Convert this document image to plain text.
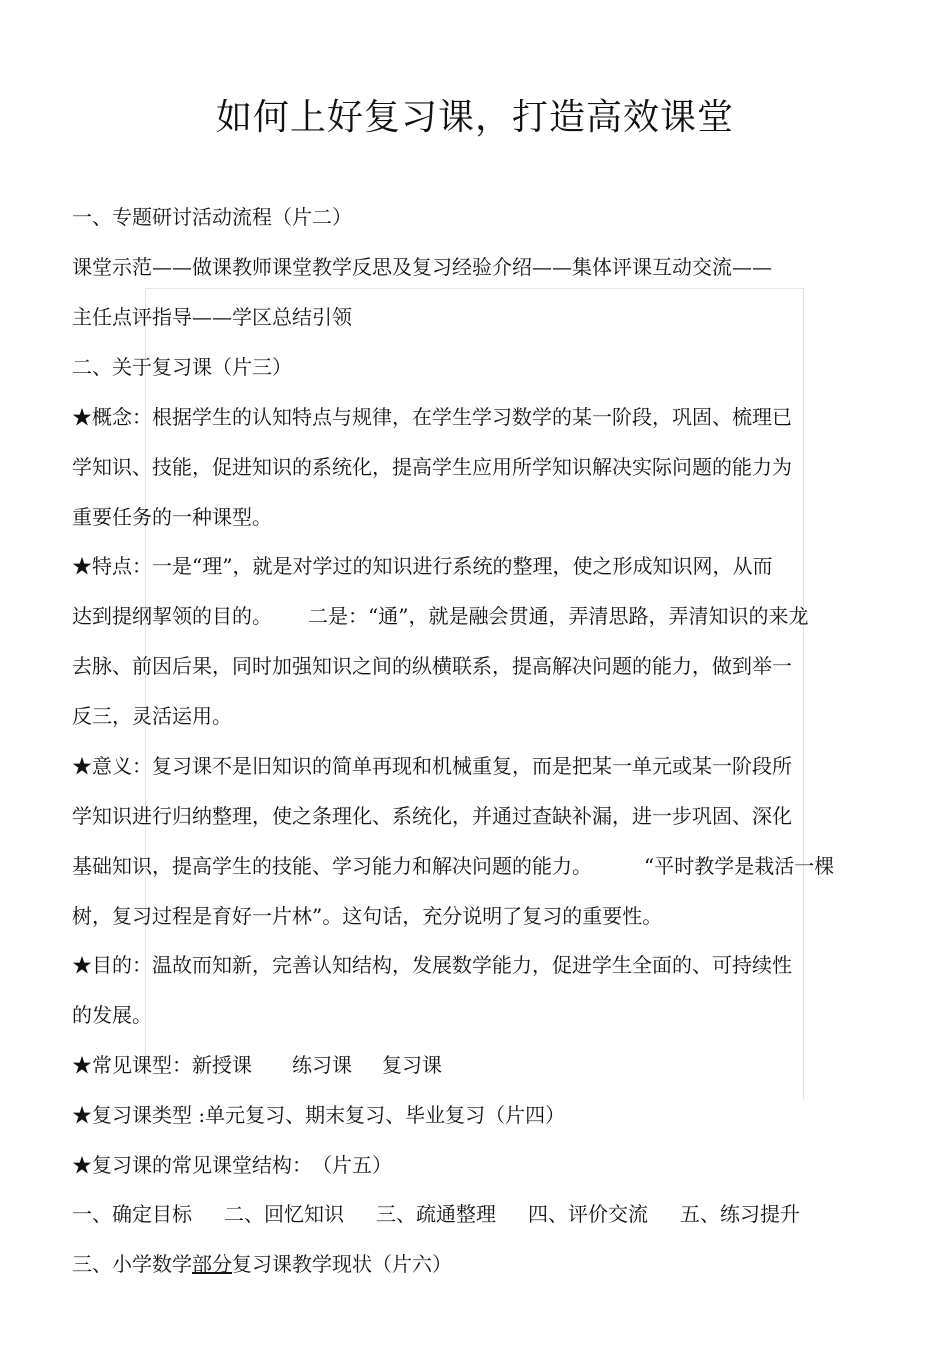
如何上好复习课，打造高效课堂
一、专题研讨活动流程（片二）
课堂示范——做课教师课堂教学反思及复习经验介绍——集体评课互动交流——
主任点评指导——学区总结引领
二、关于复习课（片三）
★概念：根据学生的认知特点与规律，在学生学习数学的某一阶段，巩固、梳理已
学知识、技能，促进知识的系统化，提高学生应用所学知识解决实际问题的能力为
重要任务的一种课型。
★特点：一是“理”，就是对学过的知识进行系统的整理，使之形成知识网，从而
达到提纲挈领的目的。 二是：“通”，就是融会贯通，弄清思路，弄清知识的来龙
去脉、前因后果，同时加强知识之间的纵横联系，提高解决问题的能力，做到举一
反三，灵活运用。
★意义：复习课不是旧知识的简单再现和机械重复，而是把某一单元或某一阶段所
学知识进行归纳整理，使之条理化、系统化，并通过查缺补漏，进一步巩固、深化
基础知识，提高学生的技能、学习能力和解决问题的能力。	“平时教学是栽活一棵
树，复习过程是育好一片林”。这句话，充分说明了复习的重要性。
★目的：温故而知新，完善认知结构，发展数学能力，促进学生全面的、可持续性
的发展。
★常见课型：新授课 练习课 复习课
★复习课类型 :单元复习、期末复习、毕业复习（片四）
★复习课的常见课堂结构：　（片五）
一、确定目标 二、回忆知识 三、疏通整理 四、评价交流 五、练习提升
三、小学数学部分复习课教学现状（片六）
